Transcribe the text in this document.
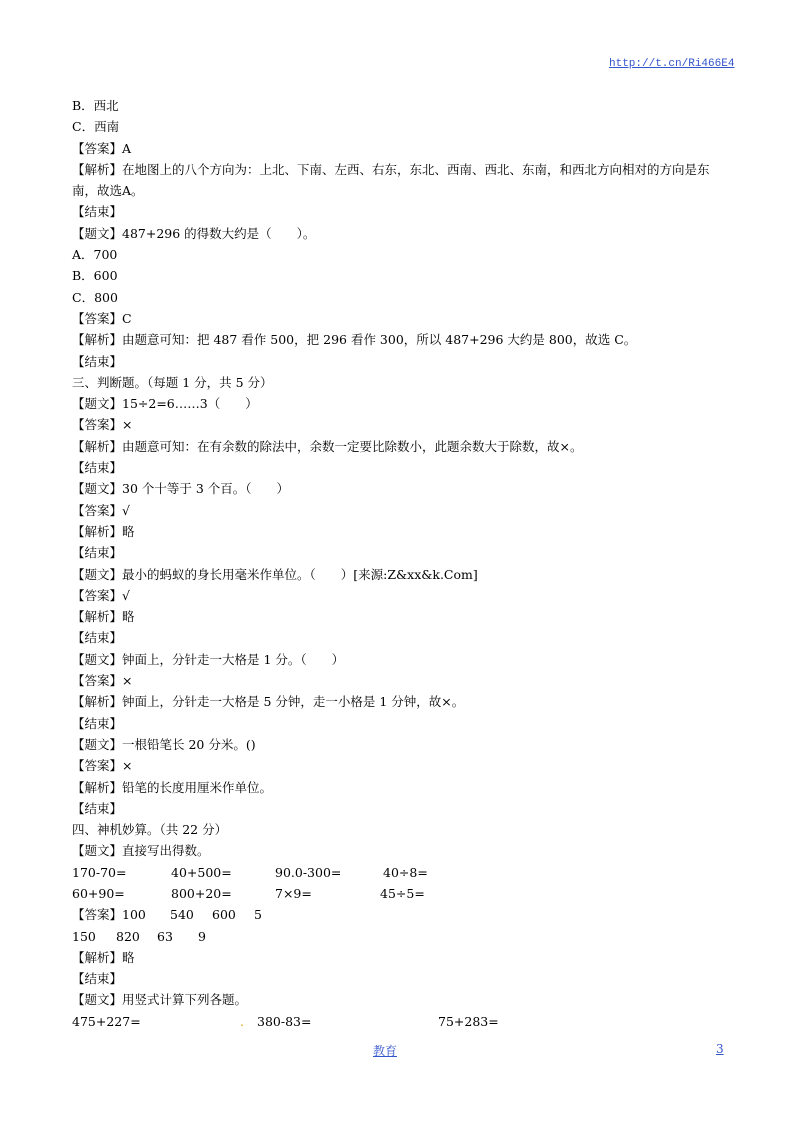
http://t.cn/Ri466E4
B．西北
C．西南
【答案】A
【解析】在地图上的八个方向为：上北、下南、左西、右东，东北、西南、西北、东南，和西北方向相对的方向是东南，故选A。
【结束】
【题文】487+296 的得数大约是（　　）。
A．700
B．600
C．800
【答案】C
【解析】由题意可知：把 487 看作 500，把 296 看作 300，所以 487+296 大约是 800，故选 C。
【结束】
三、判断题。（每题 1 分，共 5 分）
【题文】15÷2=6……3（　　）
【答案】×
【解析】由题意可知：在有余数的除法中，余数一定要比除数小，此题余数大于除数，故×。
【结束】
【题文】30 个十等于 3 个百。（　　）
【答案】√
【解析】略
【结束】
【题文】最小的蚂蚁的身长用毫米作单位。（　　）[来源:Z&xx&k.Com]
【答案】√
【解析】略
【结束】
【题文】钟面上，分针走一大格是 1 分。（　　）
【答案】×
【解析】钟面上，分针走一大格是 5 分钟，走一小格是 1 分钟，故×。
【结束】
【题文】一根铅笔长 20 分米。()
【答案】×
【解析】铅笔的长度用厘米作单位。
【结束】
四、神机妙算。（共 22 分）
【题文】直接写出得数。
170-70=	40+500=	90.0-300=	40÷8=
60+90=	800+20=	7×9=	45÷5=
【答案】100 540 600 5
150 820 63 9
【解析】略
【结束】
【题文】用竖式计算下列各题。
475+227=	. 380-83=	75+283=
教育	3
